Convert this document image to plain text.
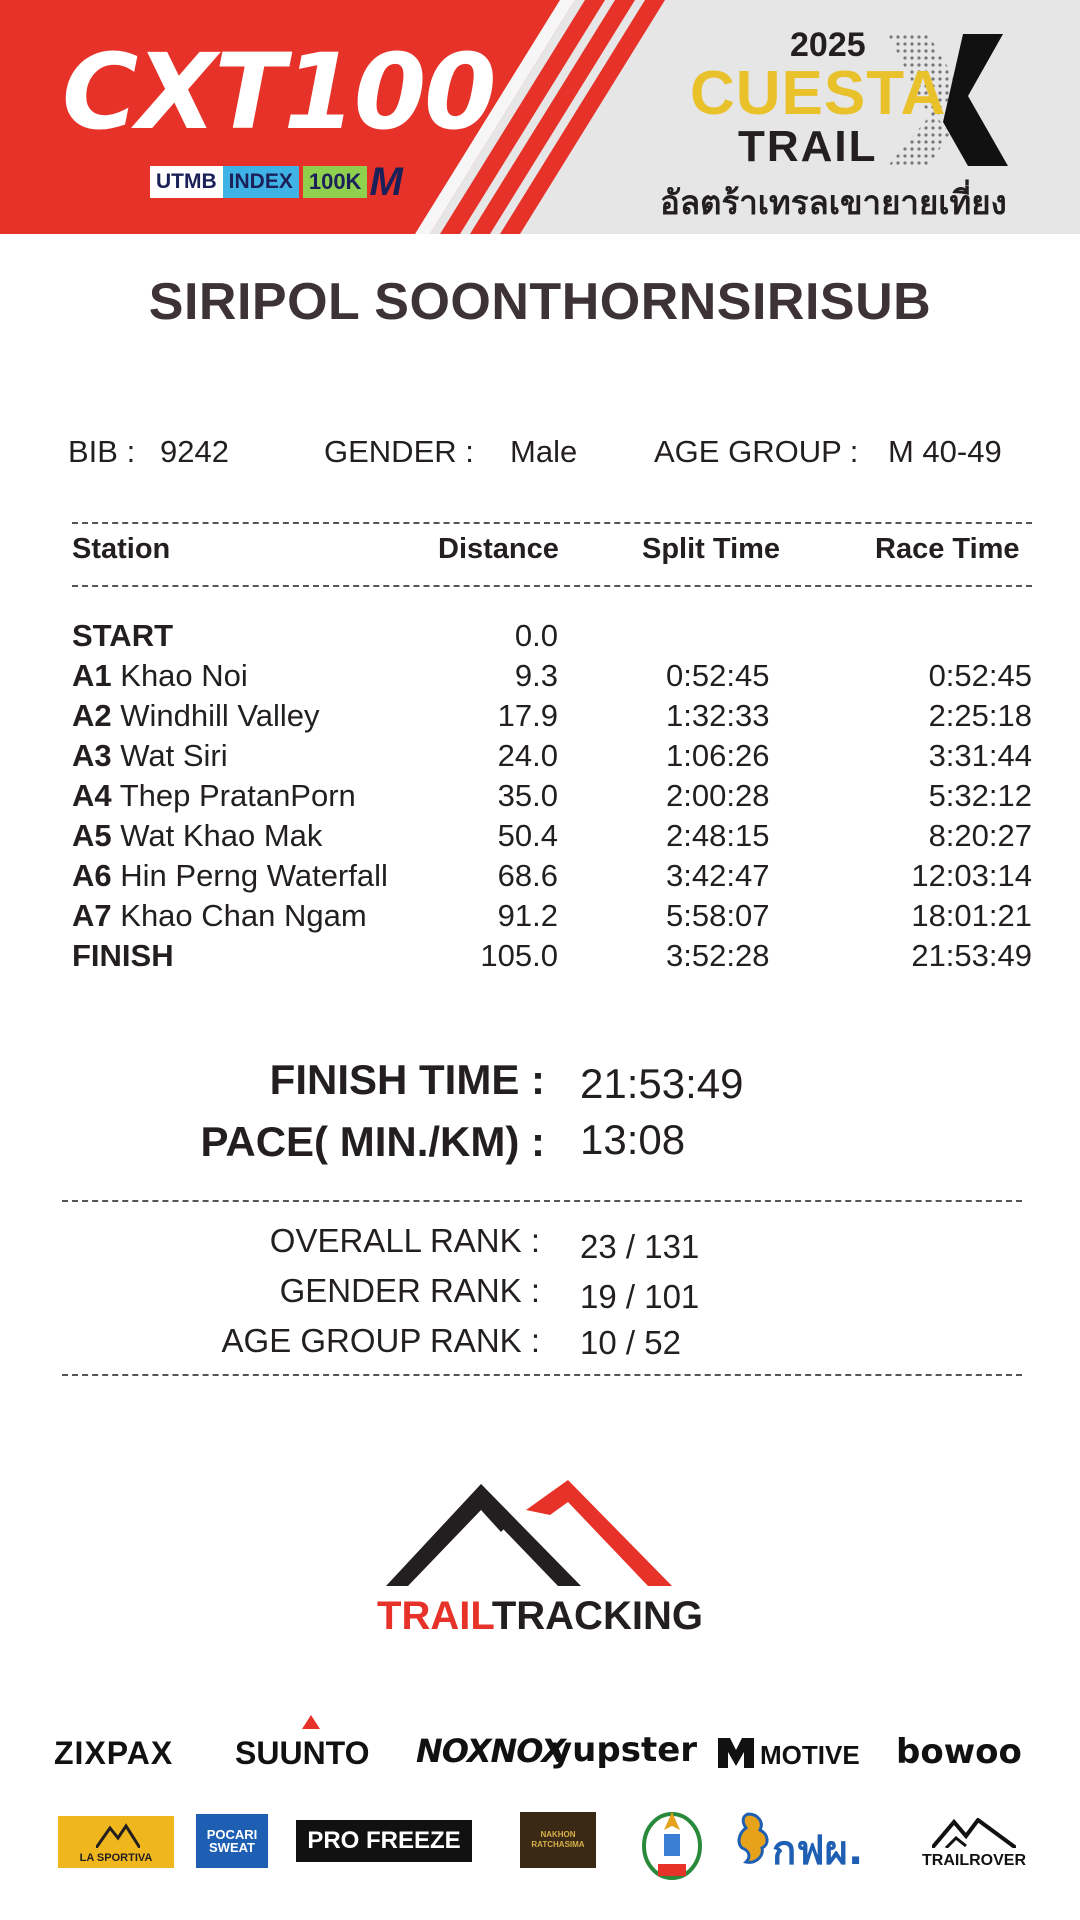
CXT100
UTMB INDEX 100K M
2025
CUESTA
TRAIL
อัลตร้าเทรลเขายายเที่ยง
SIRIPOL SOONTHORNSIRISUB
BIB : 9242	GENDER : Male AGE GROUP : M 40-49
Station	Distance	Split Time	Race Time
START	0.0
A1 Khao Noi	9.3	0:52:45	0:52:45
A2 Windhill Valley	17.9	1:32:33	2:25:18
A3 Wat Siri	24.0	1:06:26	3:31:44
A4 Thep PratanPorn	35.0	2:00:28	5:32:12
A5 Wat Khao Mak	50.4	2:48:15	8:20:27
A6 Hin Perng Waterfall	68.6	3:42:47	12:03:14
A7 Khao Chan Ngam	91.2	5:58:07	18:01:21
FINISH	105.0	3:52:28	21:53:49
FINISH TIME : 21:53:49
PACE( MIN./KM) : 13:08
OVERALL RANK : 23 / 131
GENDER RANK : 19 / 101
AGE GROUP RANK : 10 / 52
TRAILTRACKING
ZIXPAX SUUNTO NOXNOX
yupster MOTIVE bowoo
LA SPORTIVA
POCARI SWEAT	PRO FREEZE	NAKHON RATCHASIMA	กฟผ.	TRAILROVER
